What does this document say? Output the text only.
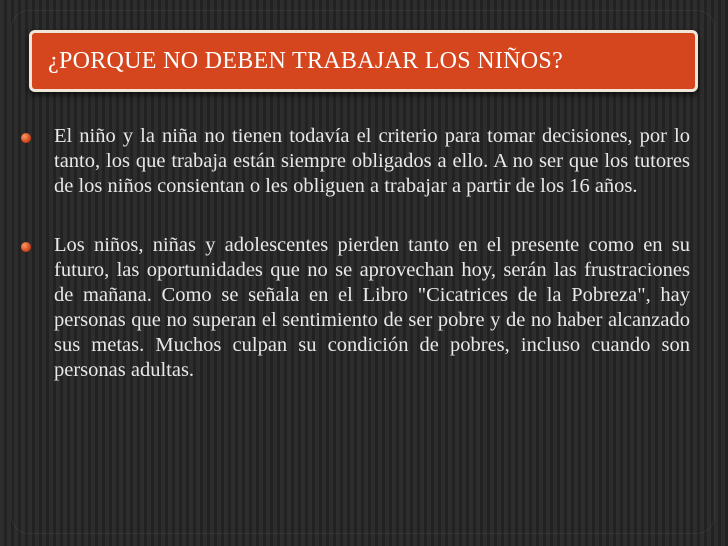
¿PORQUE NO DEBEN TRABAJAR LOS NIÑOS?
El niño y la niña no tienen todavía el criterio para tomar decisiones, por lo tanto, los que trabaja están siempre obligados a ello. A no ser que los tutores de los niños consientan o les obliguen a trabajar a partir de los 16 años.
Los niños, niñas y adolescentes pierden tanto en el presente como en su futuro, las oportunidades que no se aprovechan hoy, serán las frustraciones de mañana. Como se señala en el Libro "Cicatrices de la Pobreza", hay personas que no superan el sentimiento de ser pobre y de no haber alcanzado sus metas. Muchos culpan su condición de pobres, incluso cuando son personas adultas.
